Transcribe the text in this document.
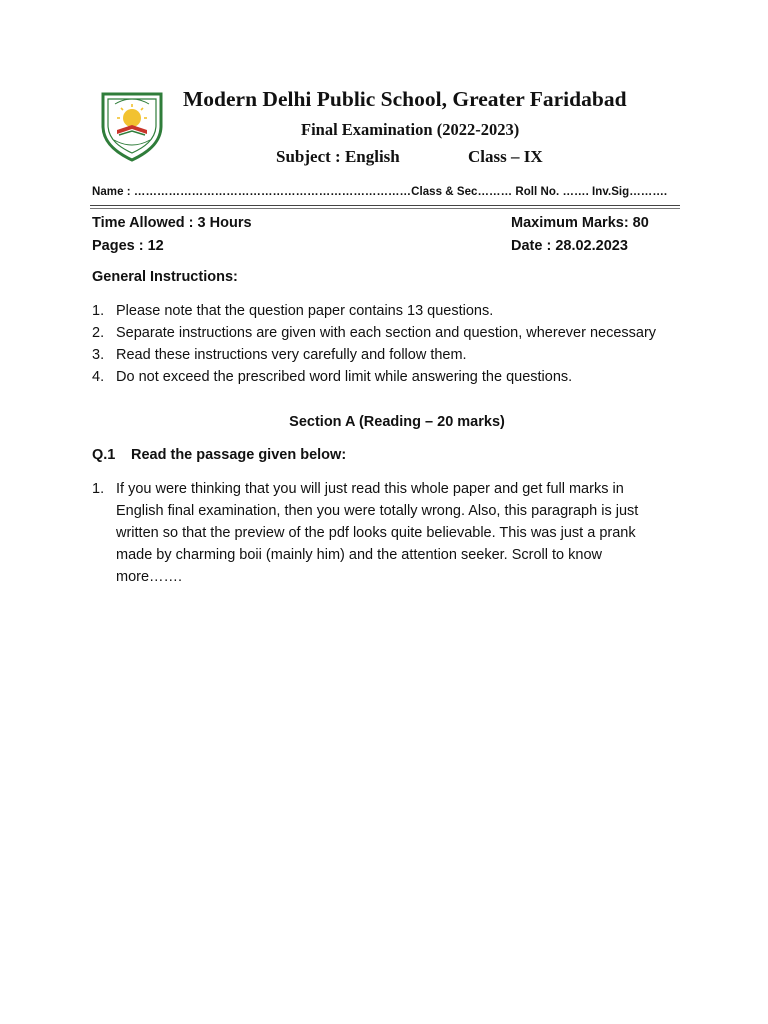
Modern Delhi Public School, Greater Faridabad
Final Examination (2022-2023)
Subject : English	Class – IX
Name : ………………………………………………………………Class & Sec……… Roll No. ……. Inv.Sig……….
Time Allowed : 3 Hours	Maximum Marks: 80
Pages : 12	Date : 28.02.2023
General Instructions:
1. Please note that the question paper contains 13 questions.
2. Separate instructions are given with each section and question, wherever necessary
3. Read these instructions very carefully and follow them.
4. Do not exceed the prescribed word limit while answering the questions.
Section A (Reading – 20 marks)
Q.1 Read the passage given below:
1. If you were thinking that you will just read this whole paper and get full marks in English final examination, then you were totally wrong. Also, this paragraph is just written so that the preview of the pdf looks quite believable. This was just a prank made by charming boii (mainly him) and the attention seeker. Scroll to know more…….
